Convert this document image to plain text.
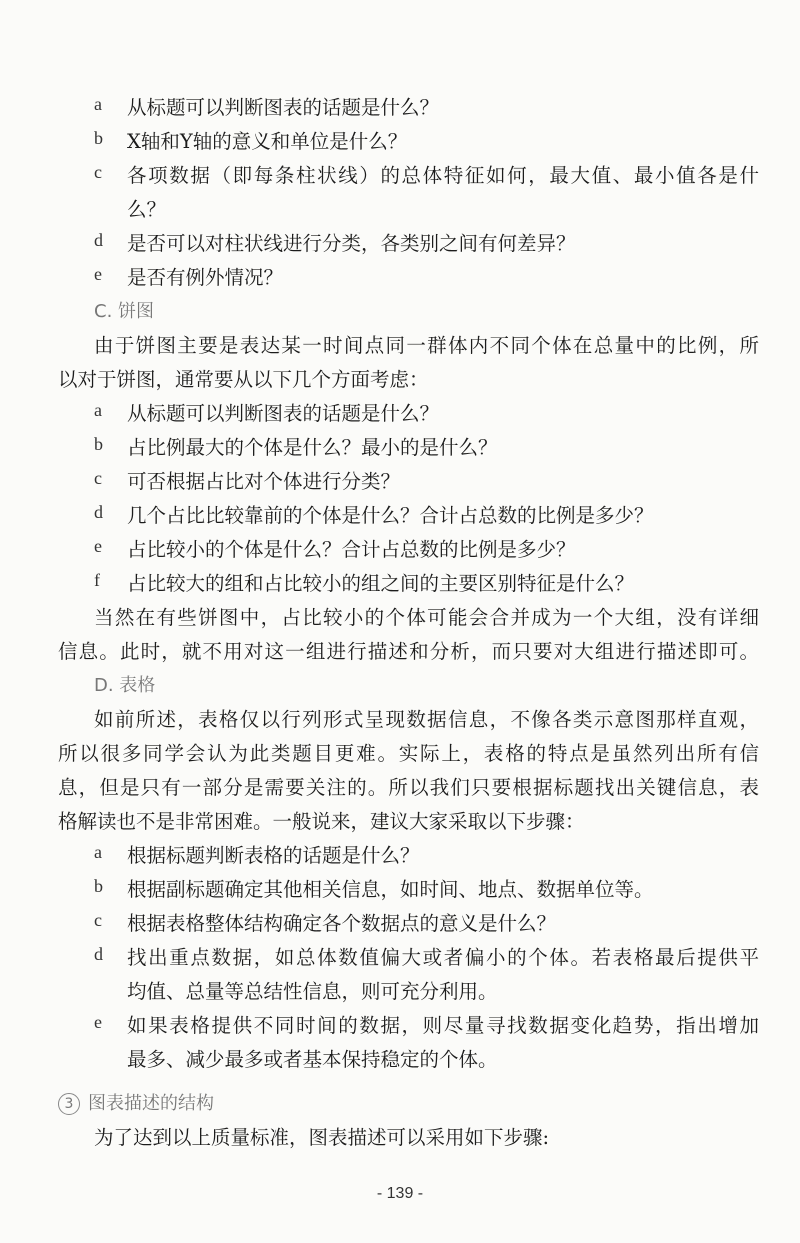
a	从标题可以判断图表的话题是什么？
b	X轴和Y轴的意义和单位是什么？
c	各项数据（即每条柱状线）的总体特征如何，最大值、最小值各是什
么？
d	是否可以对柱状线进行分类，各类别之间有何差异？
e	是否有例外情况？
C. 饼图
由于饼图主要是表达某一时间点同一群体内不同个体在总量中的比例，所
以对于饼图，通常要从以下几个方面考虑：
a	从标题可以判断图表的话题是什么？
b	占比例最大的个体是什么？最小的是什么？
c	可否根据占比对个体进行分类？
d	几个占比比较靠前的个体是什么？合计占总数的比例是多少？
e	占比较小的个体是什么？合计占总数的比例是多少？
f	占比较大的组和占比较小的组之间的主要区别特征是什么？
当然在有些饼图中，占比较小的个体可能会合并成为一个大组，没有详细
信息。此时，就不用对这一组进行描述和分析，而只要对大组进行描述即可。
D. 表格
如前所述，表格仅以行列形式呈现数据信息，不像各类示意图那样直观，
所以很多同学会认为此类题目更难。实际上，表格的特点是虽然列出所有信
息，但是只有一部分是需要关注的。所以我们只要根据标题找出关键信息，表
格解读也不是非常困难。一般说来，建议大家采取以下步骤：
a	根据标题判断表格的话题是什么？
b	根据副标题确定其他相关信息，如时间、地点、数据单位等。
c	根据表格整体结构确定各个数据点的意义是什么？
d	找出重点数据，如总体数值偏大或者偏小的个体。若表格最后提供平
均值、总量等总结性信息，则可充分利用。
e	如果表格提供不同时间的数据，则尽量寻找数据变化趋势，指出增加
最多、减少最多或者基本保持稳定的个体。
3 图表描述的结构
为了达到以上质量标准，图表描述可以采用如下步骤:
- 139 -
